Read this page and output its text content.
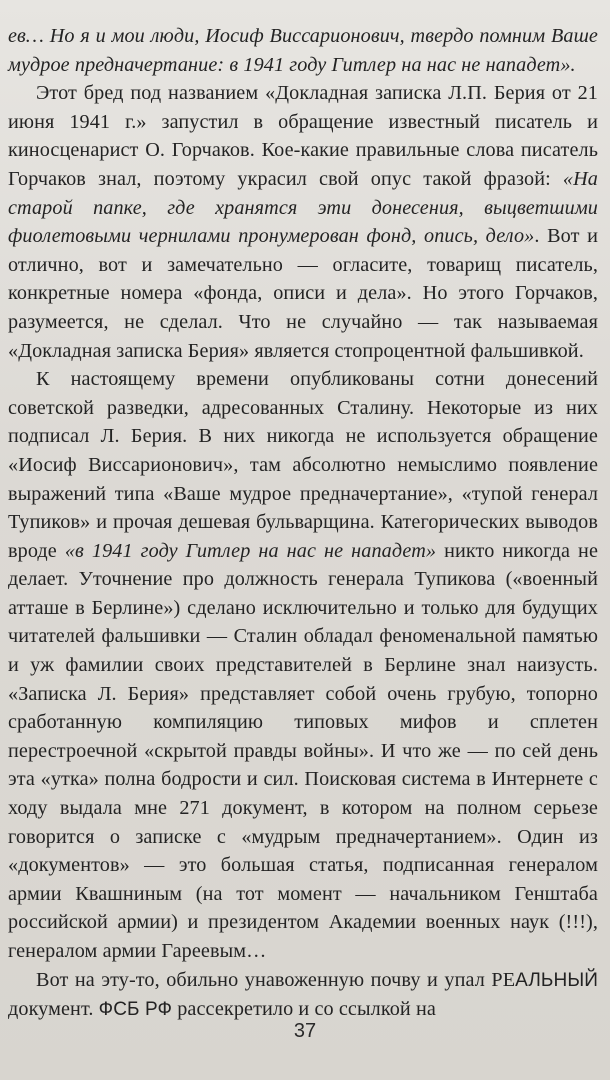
ев… Но я и мои люди, Иосиф Виссарионович, твердо помним Ваше мудрое предначертание: в 1941 году Гитлер на нас не нападет».

Этот бред под названием «Докладная записка Л.П. Берия от 21 июня 1941 г.» запустил в обращение известный писатель и киносценарист О. Горчаков. Кое-какие правильные слова писатель Горчаков знал, поэтому украсил свой опус такой фразой: «На старой папке, где хранятся эти донесения, выцветшими фиолетовыми чернилами пронумерован фонд, опись, дело». Вот и отлично, вот и замечательно — огласите, товарищ писатель, конкретные номера «фонда, описи и дела». Но этого Горчаков, разумеется, не сделал. Что не случайно — так называемая «Докладная записка Берия» является стопроцентной фальшивкой.

К настоящему времени опубликованы сотни донесений советской разведки, адресованных Сталину. Некоторые из них подписал Л. Берия. В них никогда не используется обращение «Иосиф Виссарионович», там абсолютно немыслимо появление выражений типа «Ваше мудрое предначертание», «тупой генерал Тупиков» и прочая дешевая бульварщина. Категорических выводов вроде «в 1941 году Гитлер на нас не нападет» никто никогда не делает. Уточнение про должность генерала Тупикова («военный атташе в Берлине») сделано исключительно и только для будущих читателей фальшивки — Сталин обладал феноменальной памятью и уж фамилии своих представителей в Берлине знал наизусть. «Записка Л. Берия» представляет собой очень грубую, топорно сработанную компиляцию типовых мифов и сплетен перестроечной «скрытой правды войны». И что же — по сей день эта «утка» полна бодрости и сил. Поисковая система в Интернете с ходу выдала мне 271 документ, в котором на полном серьезе говорится о записке с «мудрым предначертанием». Один из «документов» — это большая статья, подписанная генералом армии Квашниным (на тот момент — начальником Генштаба российской армии) и президентом Академии военных наук (!!!), генералом армии Гареевым…

Вот на эту-то, обильно унавоженную почву и упал РЕАЛЬНЫЙ документ. ФСБ РФ рассекретило и со ссылкой на

37
